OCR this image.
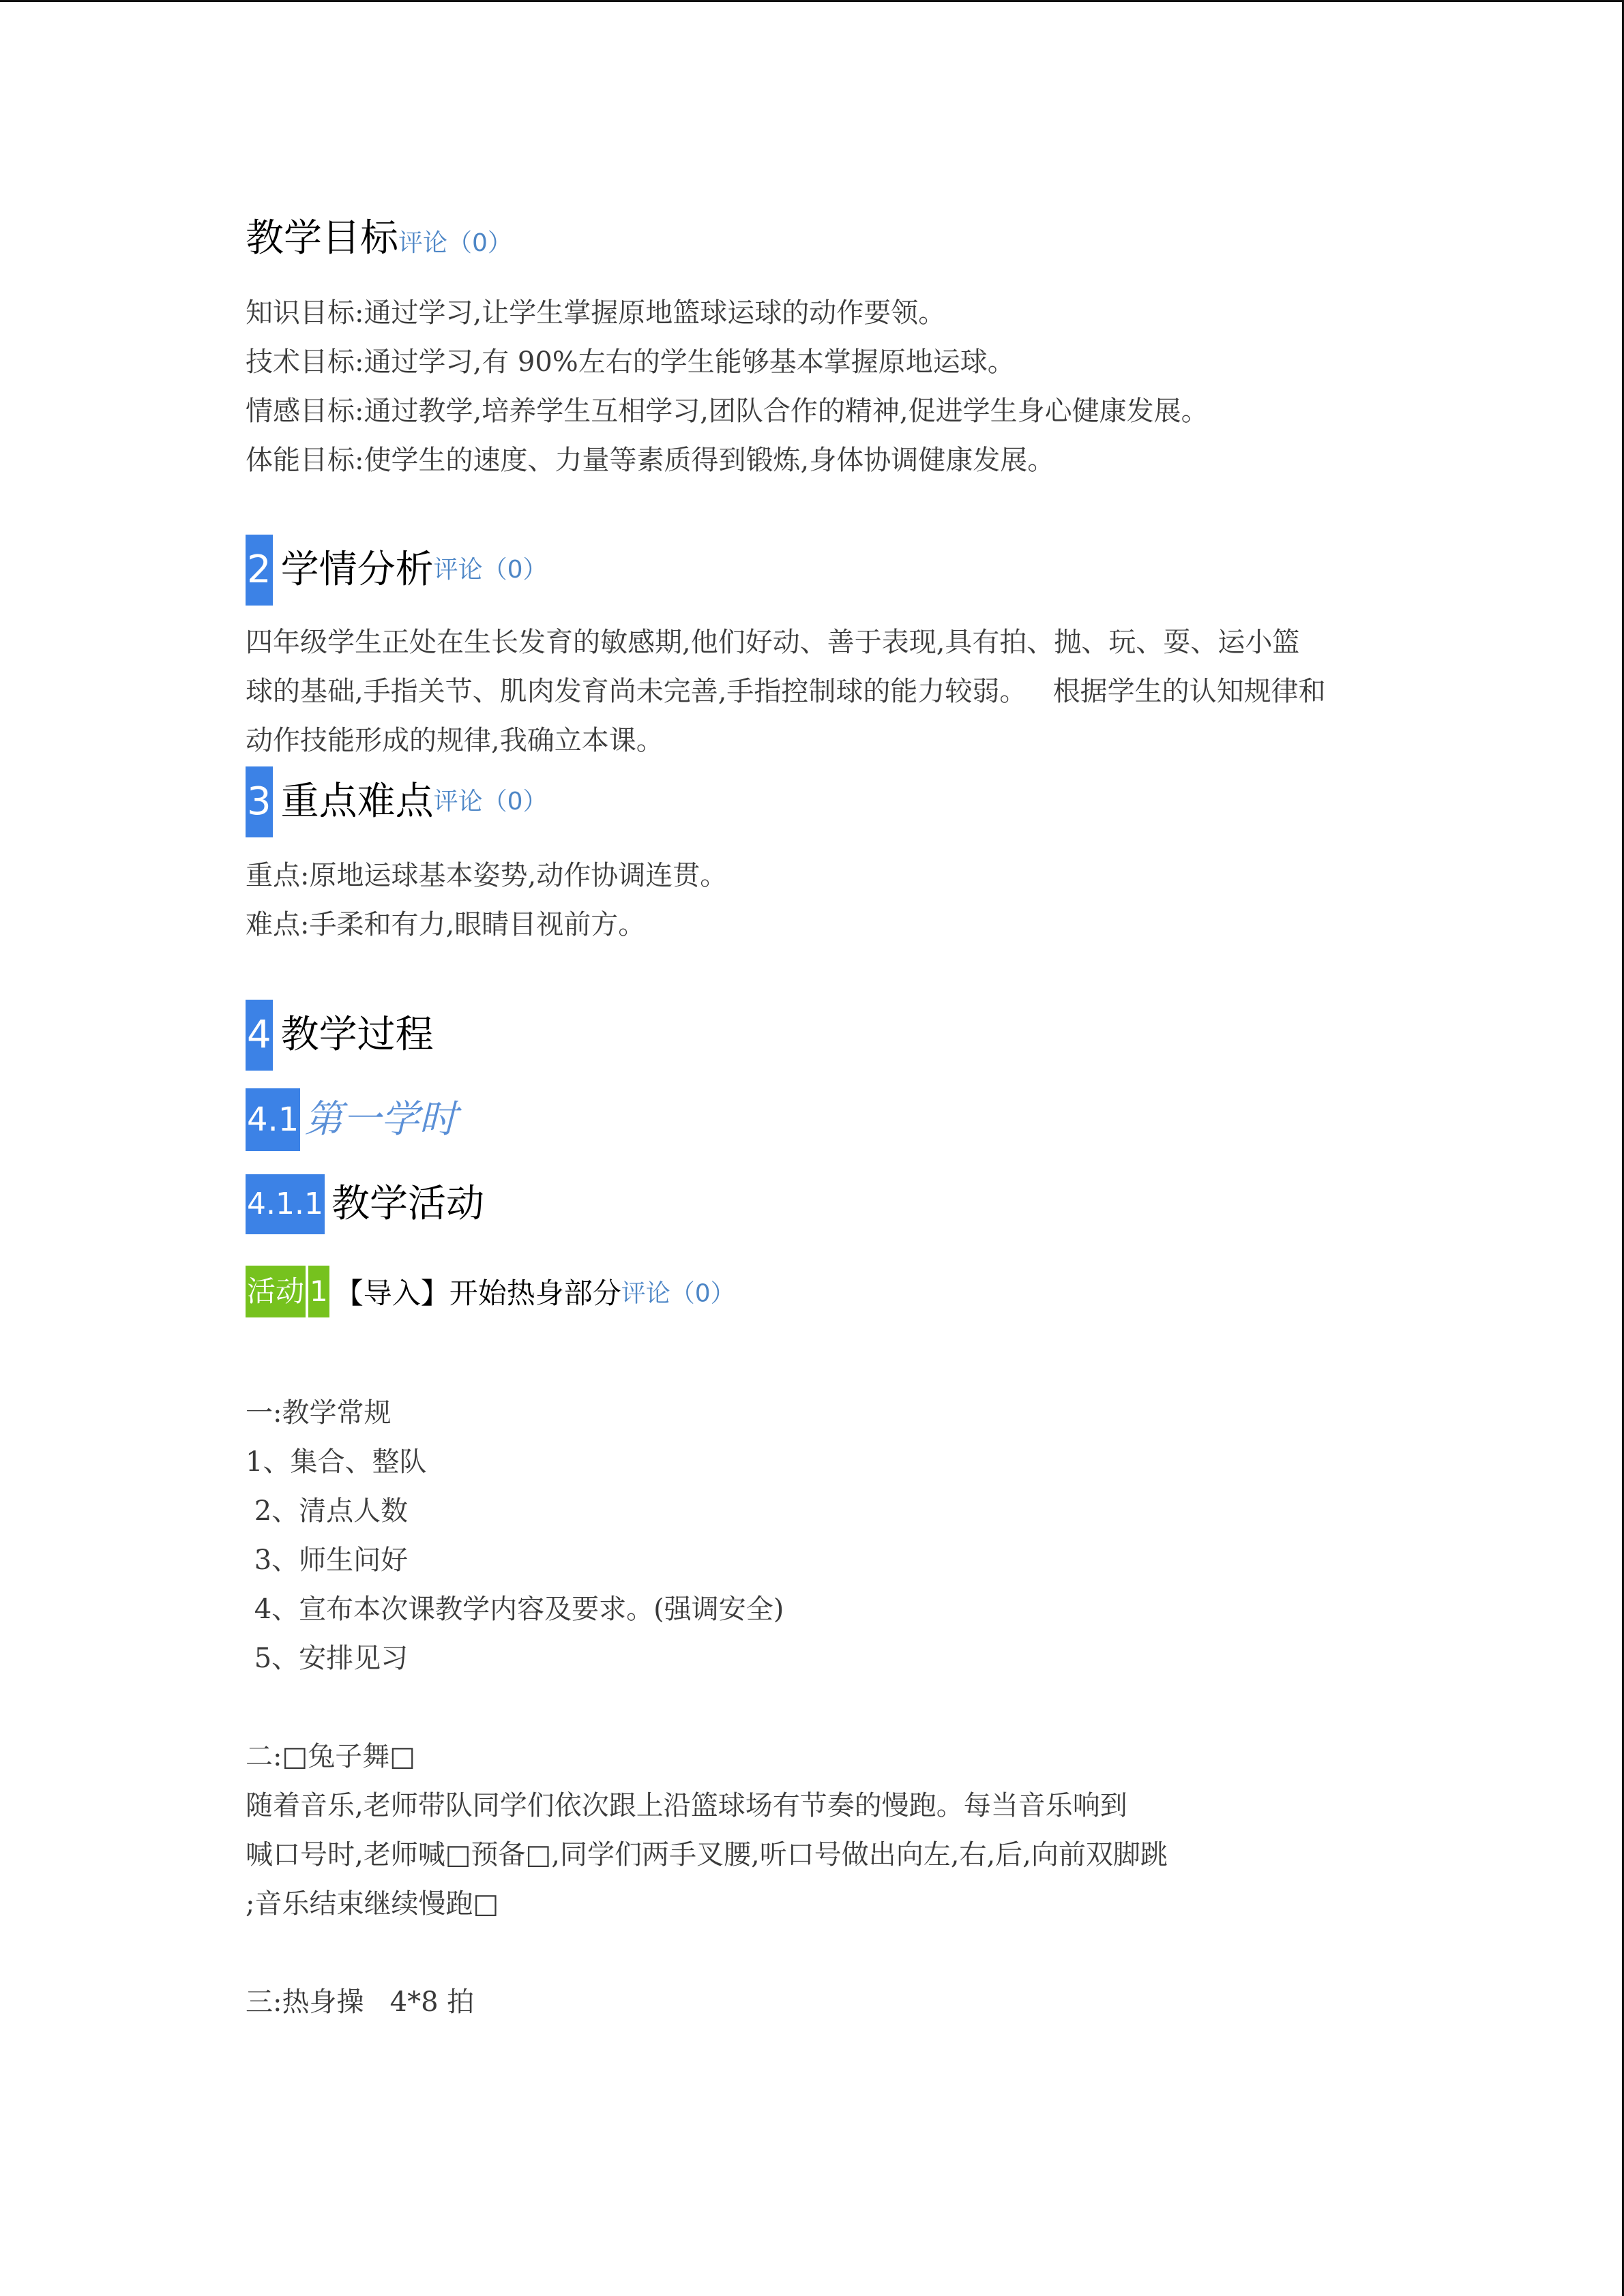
教学目标评论（0）
知识目标:通过学习,让学生掌握原地篮球运球的动作要领。
技术目标:通过学习,有 90%左右的学生能够基本掌握原地运球。
情感目标:通过教学,培养学生互相学习,团队合作的精神,促进学生身心健康发展。
体能目标:使学生的速度、力量等素质得到锻炼,身体协调健康发展。
2 学情分析评论（0）
四年级学生正处在生长发育的敏感期,他们好动、善于表现,具有拍、抛、玩、耍、运小篮
球的基础,手指关节、肌肉发育尚未完善,手指控制球的能力较弱。   根据学生的认知规律和
动作技能形成的规律,我确立本课。
3 重点难点评论（0）
重点:原地运球基本姿势,动作协调连贯。
难点:手柔和有力,眼睛目视前方。
4 教学过程
4.1 第一学时
4.1.1 教学活动
活动 1 【导入】开始热身部分评论（0）
一:教学常规
1、集合、整队
2、清点人数
3、师生问好
4、宣布本次课教学内容及要求。(强调安全)
5、安排见习
二:□兔子舞□
随着音乐,老师带队同学们依次跟上沿篮球场有节奏的慢跑。每当音乐响到
喊口号时,老师喊□预备□,同学们两手叉腰,听口号做出向左,右,后,向前双脚跳
;音乐结束继续慢跑□
三:热身操   4*8 拍
